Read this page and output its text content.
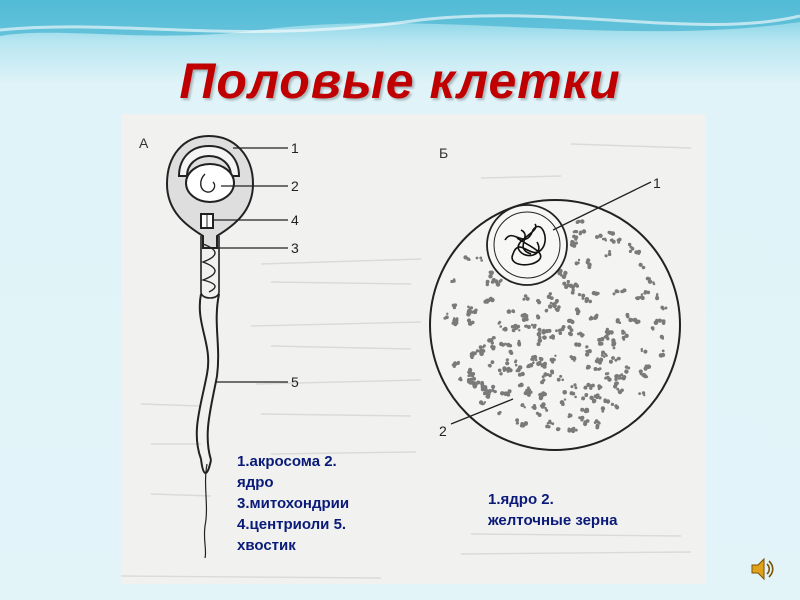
Половые клетки
А
Б
1
2
4
3
5
1
2
1.акросома 2.
ядро
3.митохондрии
4.центриоли 5.
хвостик
1.ядро 2.
желточные зерна
